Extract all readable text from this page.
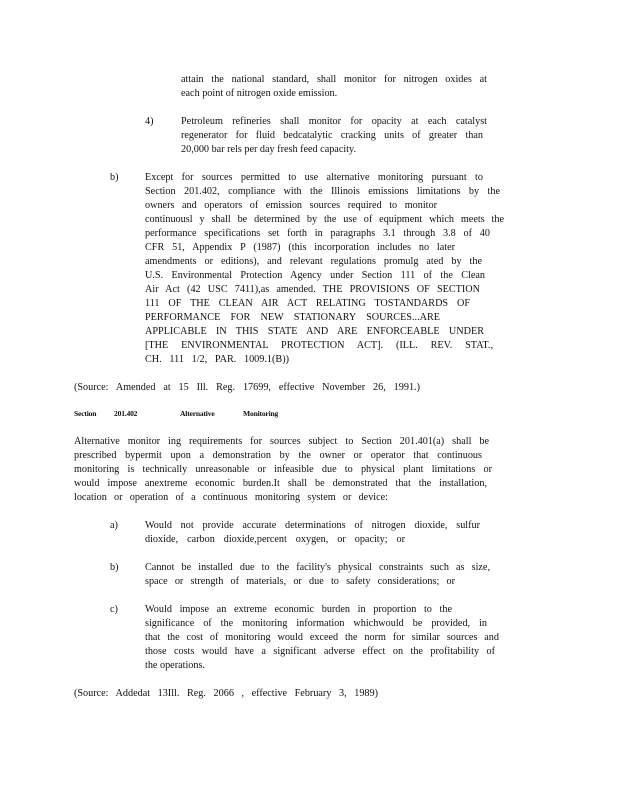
attain the national standard, shall monitor for nitrogen oxides at
each point of nitrogen oxide emission.
4)	Petroleum refineries shall monitor for opacity at each catalyst
regenerator for fluid bedcatalytic cracking units of greater than
20,000 bar rels per day fresh feed capacity.
b)	Except for sources permitted to use alternative monitoring pursuant to
Section 201.402, compliance with the Illinois emissions limitations by the
owners and operators of emission sources required to monitor
continuousl y shall be determined by the use of equipment which meets the
performance specifications set forth in paragraphs 3.1 through 3.8 of 40
CFR 51, Appendix P (1987) (this incorporation includes no later
amendments or editions), and relevant regulations promulg ated by the
U.S. Environmental Protection Agency under Section 111 of the Clean
Air Act (42 USC 7411),as amended. THE PROVISIONS OF SECTION
111 OF THE CLEAN AIR ACT RELATING TOSTANDARDS OF
PERFORMANCE FOR NEW STATIONARY SOURCES...ARE
APPLICABLE IN THIS STATE AND ARE ENFORCEABLE UNDER
[THE ENVIRONMENTAL PROTECTION ACT]. (ILL. REV. STAT.,
CH. 111 1/2, PAR. 1009.1(B))
(Source: Amended at 15 Ill. Reg. 17699, effective November 26, 1991.)
Section 201.402	Alternative	Monitoring
Alternative monitor ing requirements for sources subject to Section 201.401(a) shall be
prescribed bypermit upon a demonstration by the owner or operator that continuous
monitoring is technically unreasonable or infeasible due to physical plant limitations or
would impose anextreme economic burden.It shall be demonstrated that the installation,
location or operation of a continuous monitoring system or device:
a)	Would not provide accurate determinations of nitrogen dioxide, sulfur
dioxide, carbon dioxide,percent oxygen, or opacity; or
b)	Cannot be installed due to the facility's physical constraints such as size,
space or strength of materials, or due to safety considerations; or
c)	Would impose an extreme economic burden in proportion to the
significance of the monitoring information whichwould be provided, in
that the cost of monitoring would exceed the norm for similar sources and
those costs would have a significant adverse effect on the profitability of
the operations.
(Source: Addedat 13Ill. Reg. 2066 , effective February 3, 1989)
